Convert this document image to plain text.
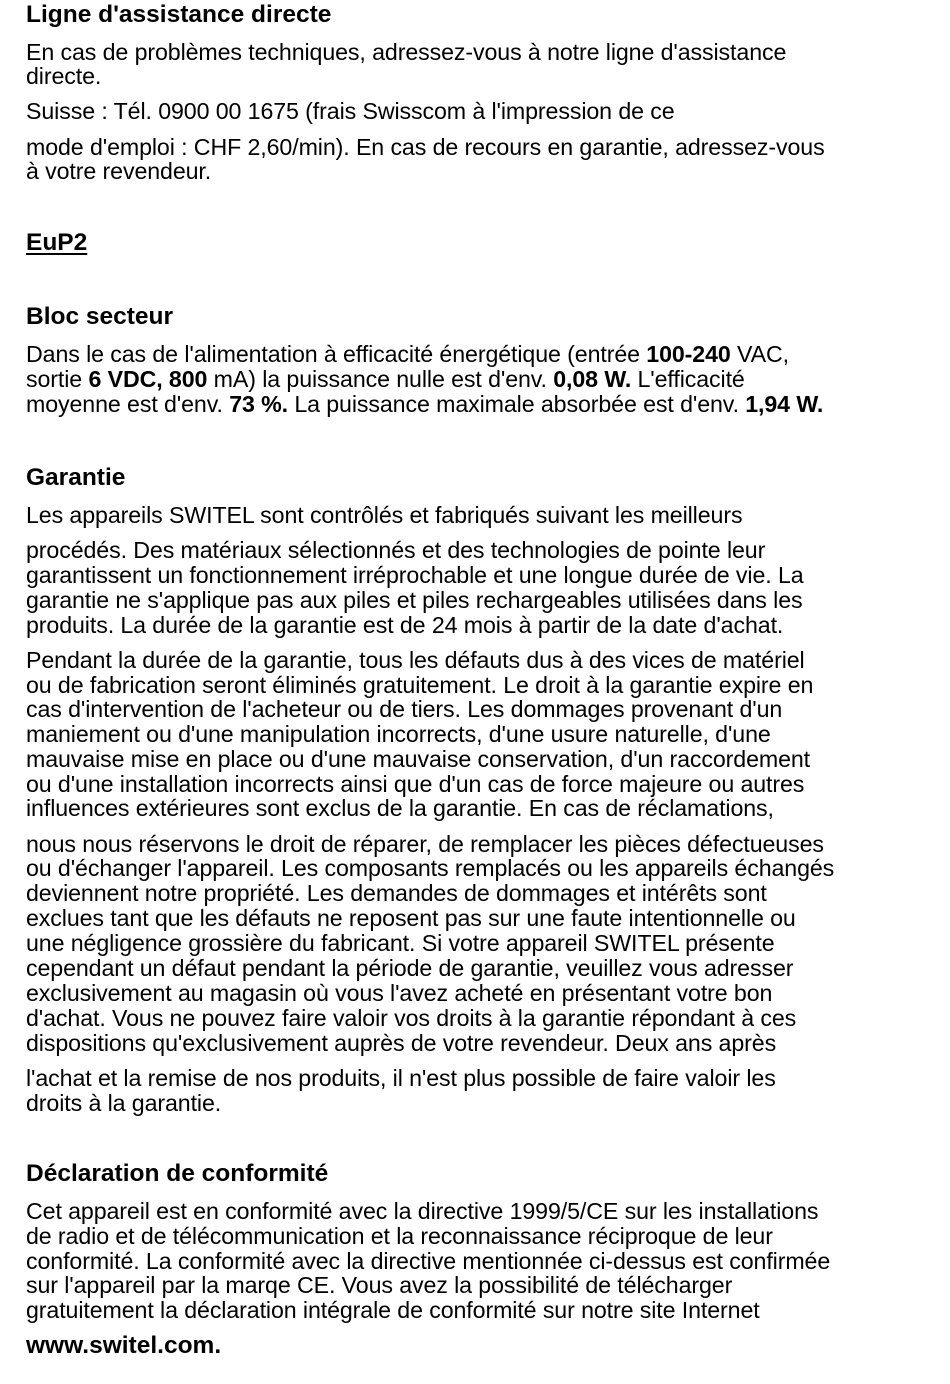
Ligne d'assistance directe
En cas de problèmes techniques, adressez-vous à notre ligne d'assistance
directe.
Suisse : Tél. 0900 00 1675 (frais Swisscom à l'impression de ce
mode d'emploi : CHF 2,60/min). En cas de recours en garantie, adressez-vous
à votre revendeur.
EuP2
Bloc secteur
Dans le cas de l'alimentation à efficacité énergétique (entrée 100-240 VAC,
sortie 6 VDC, 800 mA) la puissance nulle est d'env. 0,08 W. L'efficacité
moyenne est d'env. 73 %. La puissance maximale absorbée est d'env. 1,94 W.
Garantie
Les appareils SWITEL sont contrôlés et fabriqués suivant les meilleurs
procédés. Des matériaux sélectionnés et des technologies de pointe leur
garantissent un fonctionnement irréprochable et une longue durée de vie. La
garantie ne s'applique pas aux piles et piles rechargeables utilisées dans les
produits. La durée de la garantie est de 24 mois à partir de la date d'achat.
Pendant la durée de la garantie, tous les défauts dus à des vices de matériel
ou de fabrication seront éliminés gratuitement. Le droit à la garantie expire en
cas d'intervention de l'acheteur ou de tiers. Les dommages provenant d'un
maniement ou d'une manipulation incorrects, d'une usure naturelle, d'une
mauvaise mise en place ou d'une mauvaise conservation, d'un raccordement
ou d'une installation incorrects ainsi que d'un cas de force majeure ou autres
influences extérieures sont exclus de la garantie. En cas de réclamations,
nous nous réservons le droit de réparer, de remplacer les pièces défectueuses
ou d'échanger l'appareil. Les composants remplacés ou les appareils échangés
deviennent notre propriété. Les demandes de dommages et intérêts sont
exclues tant que les défauts ne reposent pas sur une faute intentionnelle ou
une négligence grossière du fabricant. Si votre appareil SWITEL présente
cependant un défaut pendant la période de garantie, veuillez vous adresser
exclusivement au magasin où vous l'avez acheté en présentant votre bon
d'achat. Vous ne pouvez faire valoir vos droits à la garantie répondant à ces
dispositions qu'exclusivement auprès de votre revendeur. Deux ans après
l'achat et la remise de nos produits, il n'est plus possible de faire valoir les
droits à la garantie.
Déclaration de conformité
Cet appareil est en conformité avec la directive 1999/5/CE sur les installations
de radio et de télécommunication et la reconnaissance réciproque de leur
conformité. La conformité avec la directive mentionnée ci-dessus est confirmée
sur l'appareil par la marqe CE. Vous avez la possibilité de télécharger
gratuitement la déclaration intégrale de conformité sur notre site Internet
www.switel.com.
